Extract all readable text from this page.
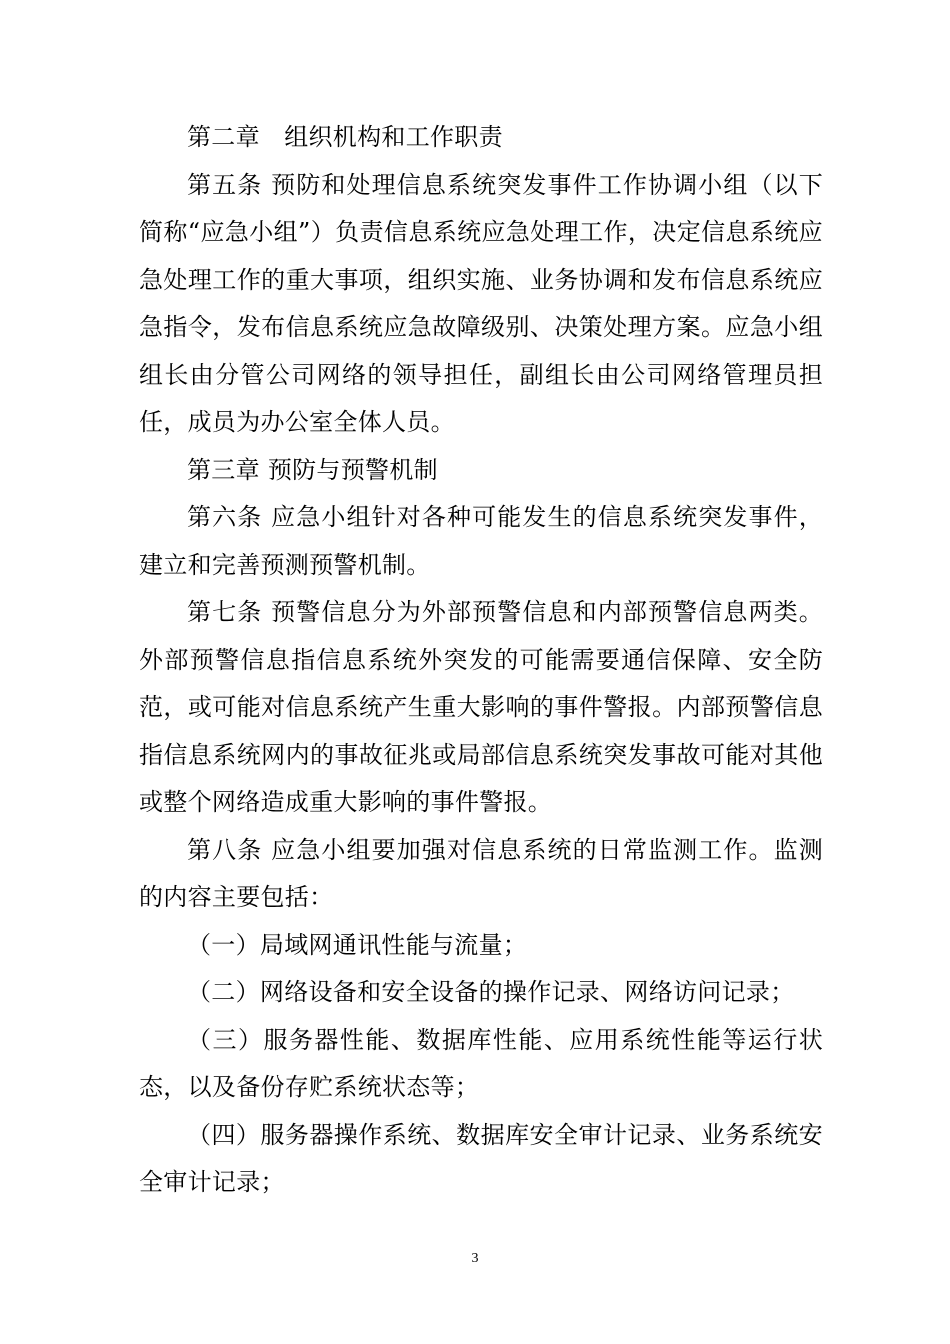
第二章　组织机构和工作职责

第五条 预防和处理信息系统突发事件工作协调小组（以下简称“应急小组”）负责信息系统应急处理工作，决定信息系统应急处理工作的重大事项，组织实施、业务协调和发布信息系统应急指令，发布信息系统应急故障级别、决策处理方案。应急小组组长由分管公司网络的领导担任，副组长由公司网络管理员担任，成员为办公室全体人员。

第三章 预防与预警机制

第六条 应急小组针对各种可能发生的信息系统突发事件，建立和完善预测预警机制。

第七条 预警信息分为外部预警信息和内部预警信息两类。外部预警信息指信息系统外突发的可能需要通信保障、安全防范，或可能对信息系统产生重大影响的事件警报。内部预警信息指信息系统网内的事故征兆或局部信息系统突发事故可能对其他或整个网络造成重大影响的事件警报。

第八条 应急小组要加强对信息系统的日常监测工作。监测的内容主要包括：

（一）局域网通讯性能与流量；

（二）网络设备和安全设备的操作记录、网络访问记录；

（三）服务器性能、数据库性能、应用系统性能等运行状态，以及备份存贮系统状态等；

（四）服务器操作系统、数据库安全审计记录、业务系统安全审计记录；

3
